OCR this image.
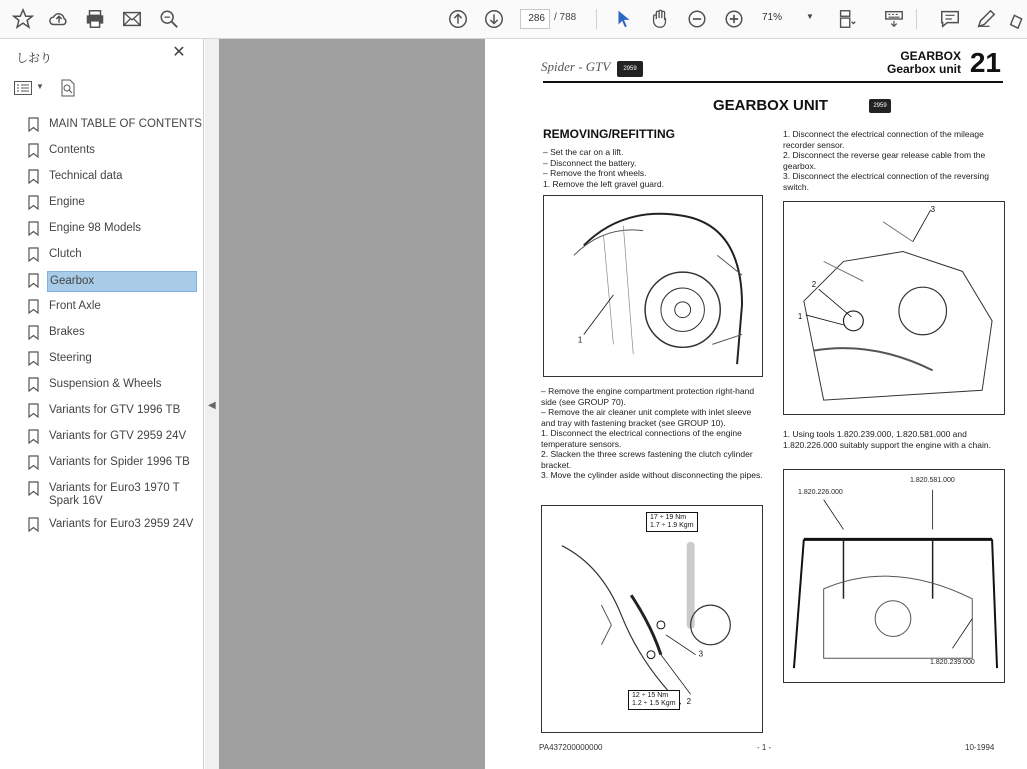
286 / 788	71%	▼
しおり	✕
▼
MAIN TABLE OF CONTENTS
Contents
Technical data
Engine
Engine 98 Models
Clutch
Gearbox
Front Axle
Brakes
Steering
Suspension & Wheels
Variants for GTV 1996 TB
Variants for GTV 2959 24V
Variants for Spider 1996 TB
Variants for Euro3 1970 T Spark 16V
Variants for Euro3 2959 24V
◀
Spider - GTV	2959
GEARBOX
Gearbox unit 21
GEARBOX UNIT	2959
REMOVING/REFITTING
– Set the car on a lift.
– Disconnect the battery.
– Remove the front wheels.
1. Remove the left gravel guard.
1
– Remove the engine compartment protection right-hand side (see GROUP 70).
– Remove the air cleaner unit complete with inlet sleeve and tray with fastening bracket (see GROUP 10).
1. Disconnect the electrical connections of the engine temperature sensors.
2. Slacken the three screws fastening the clutch cylinder bracket.
3. Move the cylinder aside without disconnecting the pipes.
3
2
17 ÷ 19 Nm
1.7 ÷ 1.9 Kgm
12 ÷ 15 Nm
1.2 ÷ 1.5 Kgm
1. Disconnect the electrical connection of the mileage recorder sensor.
2. Disconnect the reverse gear release cable from the gearbox.
3. Disconnect the electrical connection of the reversing switch.
2
1
3
1. Using tools 1.820.239.000, 1.820.581.000 and 1.820.226.000 suitably support the engine with a chain.
1.820.226.000
1.820.581.000
1.820.239.000
PA437200000000	- 1 -	10-1994
